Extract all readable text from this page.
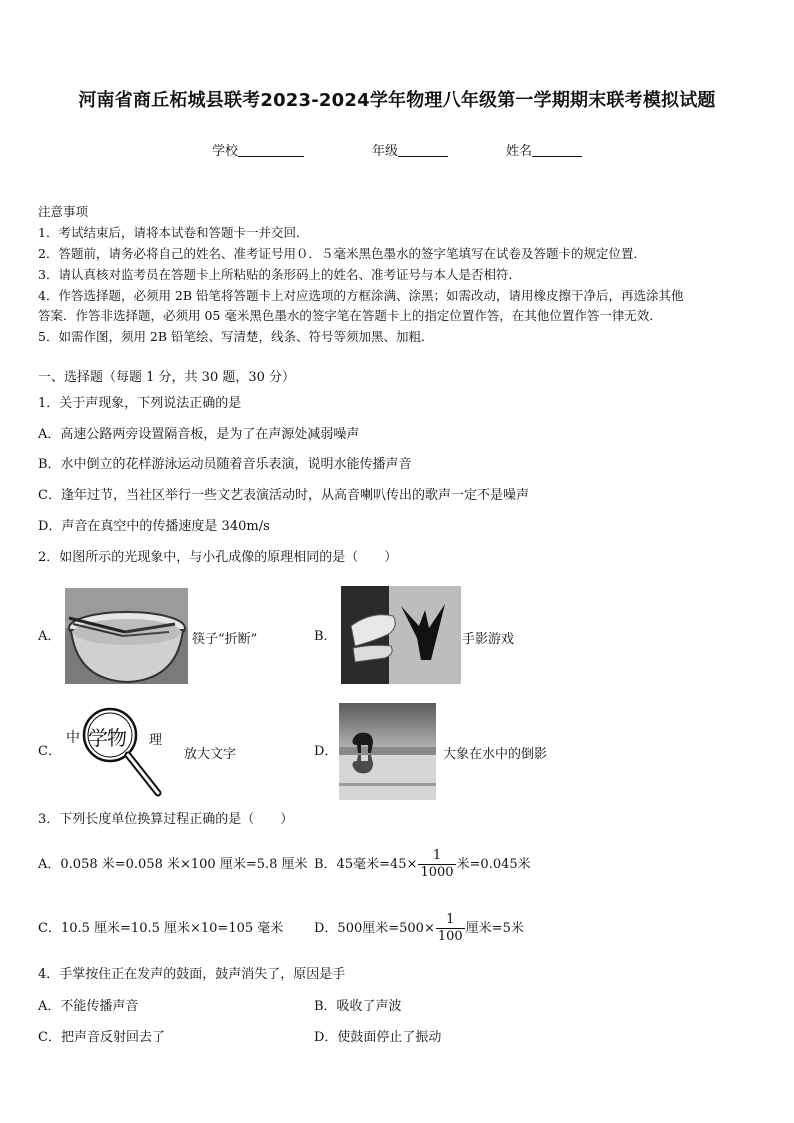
河南省商丘柘城县联考2023-2024学年物理八年级第一学期期末联考模拟试题
学校	年级	姓名
注意事项
1．考试结束后，请将本试卷和答题卡一并交回．
2．答题前，请务必将自己的姓名、准考证号用０．５毫米黑色墨水的签字笔填写在试卷及答题卡的规定位置．
3．请认真核对监考员在答题卡上所粘贴的条形码上的姓名、准考证号与本人是否相符．
4．作答选择题，必须用 2B 铅笔将答题卡上对应选项的方框涂满、涂黑；如需改动，请用橡皮擦干净后，再选涂其他
答案．作答非选择题，必须用 05 毫米黑色墨水的签字笔在答题卡上的指定位置作答，在其他位置作答一律无效．
5．如需作图，须用 2B 铅笔绘、写清楚，线条、符号等须加黑、加粗．
一、选择题（每题 1 分，共 30 题，30 分）
1．关于声现象，下列说法正确的是
A．高速公路两旁设置隔音板，是为了在声源处减弱噪声
B．水中倒立的花样游泳运动员随着音乐表演，说明水能传播声音
C．逢年过节，当社区举行一些文艺表演活动时，从高音喇叭传出的歌声一定不是噪声
D．声音在真空中的传播速度是 340m/s
2．如图所示的光现象中，与小孔成像的原理相同的是（　　）
A．	筷子“折断”	B．	手影游戏
C．
中 学物 理
放大文字	D．	大象在水中的倒影
3．下列长度单位换算过程正确的是（　　）
A．0.058 米=0.058 米×100 厘米=5.8 厘米 B．45毫米$=45\times \frac{1}{1000}$ 米=0.045米
C．10.5 厘米=10.5 厘米×10=105 毫米 D．500厘米$=500\times \frac{1}{100}$ 厘米=5米
4．手掌按住正在发声的鼓面，鼓声消失了，原因是手
A．不能传播声音	B．吸收了声波
C．把声音反射回去了	D．使鼓面停止了振动
